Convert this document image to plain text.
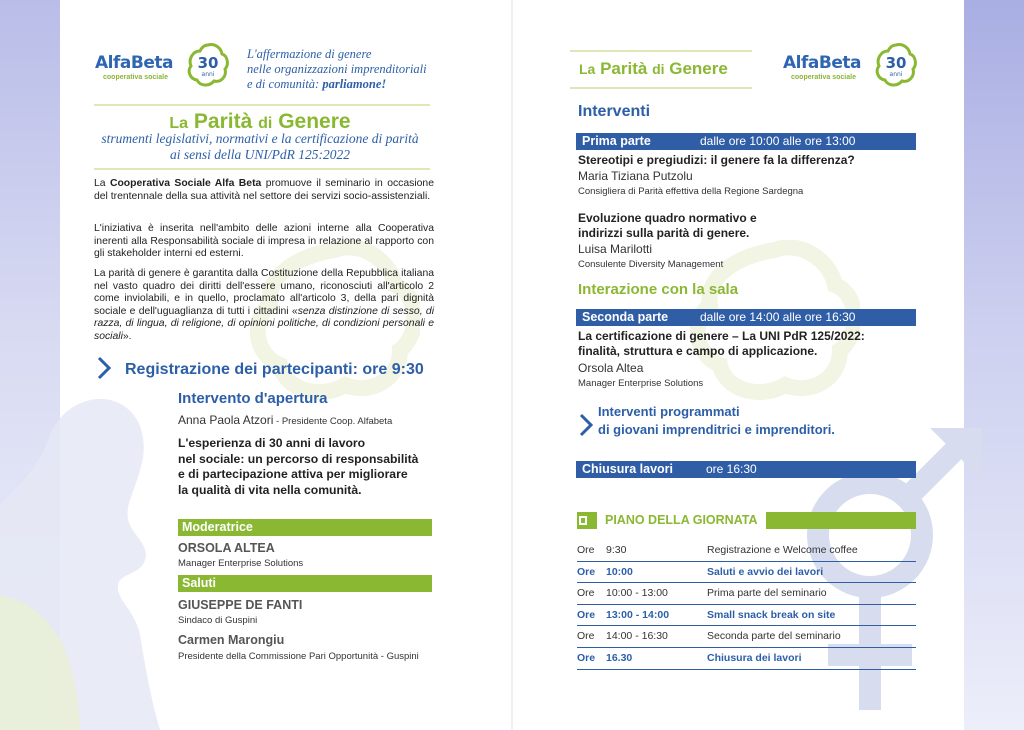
AlfaBeta
cooperativa sociale
30
anni
L'affermazione di genere
nelle organizzazioni imprenditoriali
e di comunità: parliamone!
La Parità di Genere
strumenti legislativi, normativi e la certificazione di parità
ai sensi della UNI/PdR 125:2022
La Cooperativa Sociale Alfa Beta promuove il seminario in occasione del trentennale della sua attività nel settore dei servizi socio-assistenziali.
L'iniziativa è inserita nell'ambito delle azioni interne alla Cooperativa inerenti alla Responsabilità sociale di impresa in relazione al rapporto con gli stakeholder interni ed esterni.
La parità di genere è garantita dalla Costituzione della Repubblica italiana nel vasto quadro dei diritti dell'essere umano, riconosciuti all'articolo 2 come inviolabili, e in quello, proclamato all'articolo 3, della pari dignità sociale e dell'uguaglianza di tutti i cittadini «senza distinzione di sesso, di razza, di lingua, di religione, di opinioni politiche, di condizioni personali e sociali».
Registrazione dei partecipanti: ore 9:30
Intervento d'apertura
Anna Paola Atzori - Presidente Coop. Alfabeta
L'esperienza di 30 anni di lavoro
nel sociale: un percorso di responsabilità
e di partecipazione attiva per migliorare
la qualità di vita nella comunità.
Moderatrice
ORSOLA ALTEA
Manager Enterprise Solutions
Saluti
GIUSEPPE DE FANTI
Sindaco di Guspini
Carmen Marongiu
Presidente della Commissione Pari Opportunità - Guspini
La Parità di Genere	AlfaBeta
cooperativa sociale
30
anni
Interventi
Prima parte	dalle ore 10:00 alle ore 13:00
Stereotipi e pregiudizi: il genere fa la differenza?
Maria Tiziana Putzolu
Consigliera di Parità effettiva della Regione Sardegna
Evoluzione quadro normativo e
indirizzi sulla parità di genere.
Luisa Marilotti
Consulente Diversity Management
Interazione con la sala
Seconda parte	dalle ore 14:00 alle ore 16:30
La certificazione di genere – La UNI PdR 125/2022:
finalità, struttura e campo di applicazione.
Orsola Altea
Manager Enterprise Solutions
Interventi programmati
di giovani imprenditrici e imprenditori.
Chiusura lavori	ore 16:30
PIANO DELLA GIORNATA
Ore 9:30	Registrazione e Welcome coffee
Ore 10:00	Saluti e avvio dei lavori
Ore 10:00 - 13:00	Prima parte del seminario
Ore 13:00 - 14:00	Small snack break on site
Ore 14:00 - 16:30	Seconda parte del seminario
Ore 16.30	Chiusura dei lavori
